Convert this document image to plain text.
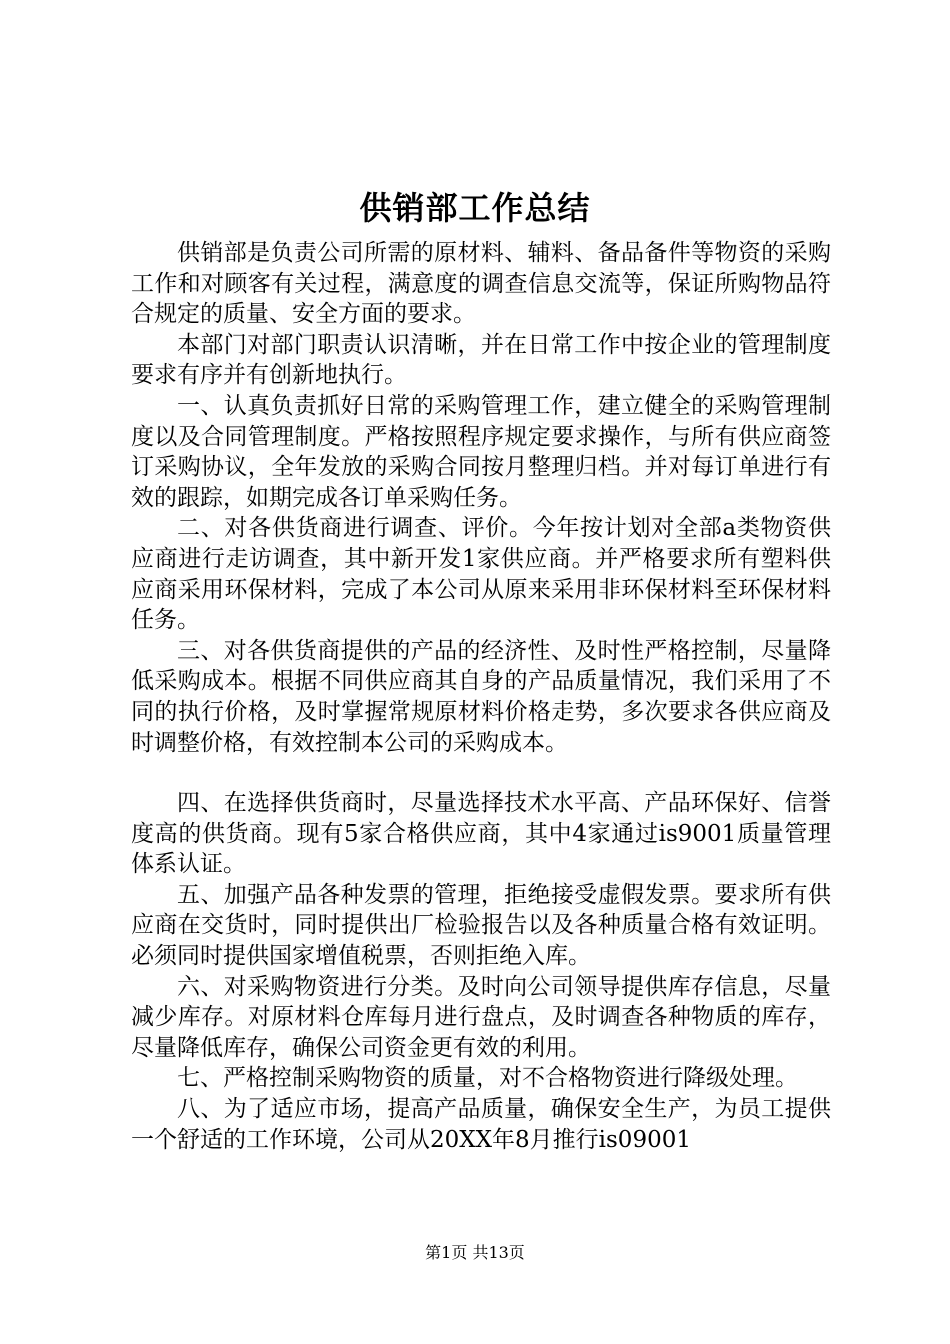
供销部工作总结

供销部是负责公司所需的原材料、辅料、备品备件等物资的采购工作和对顾客有关过程，满意度的调查信息交流等，保证所购物品符合规定的质量、安全方面的要求。

本部门对部门职责认识清晰，并在日常工作中按企业的管理制度要求有序并有创新地执行。

一、认真负责抓好日常的采购管理工作，建立健全的采购管理制度以及合同管理制度。严格按照程序规定要求操作，与所有供应商签订采购协议，全年发放的采购合同按月整理归档。并对每订单进行有效的跟踪，如期完成各订单采购任务。

二、对各供货商进行调查、评价。今年按计划对全部a类物资供应商进行走访调查，其中新开发1家供应商。并严格要求所有塑料供应商采用环保材料，完成了本公司从原来采用非环保材料至环保材料任务。

三、对各供货商提供的产品的经济性、及时性严格控制，尽量降低采购成本。根据不同供应商其自身的产品质量情况，我们采用了不同的执行价格，及时掌握常规原材料价格走势，多次要求各供应商及时调整价格，有效控制本公司的采购成本。

四、在选择供货商时，尽量选择技术水平高、产品环保好、信誉度高的供货商。现有5家合格供应商，其中4家通过is9001质量管理体系认证。

五、加强产品各种发票的管理，拒绝接受虚假发票。要求所有供应商在交货时，同时提供出厂检验报告以及各种质量合格有效证明。必须同时提供国家增值税票，否则拒绝入库。

六、对采购物资进行分类。及时向公司领导提供库存信息，尽量减少库存。对原材料仓库每月进行盘点，及时调查各种物质的库存，尽量降低库存，确保公司资金更有效的利用。

七、严格控制采购物资的质量，对不合格物资进行降级处理。

八、为了适应市场，提高产品质量，确保安全生产，为员工提供一个舒适的工作环境，公司从20XX年8月推行is09001

第1页 共13页
